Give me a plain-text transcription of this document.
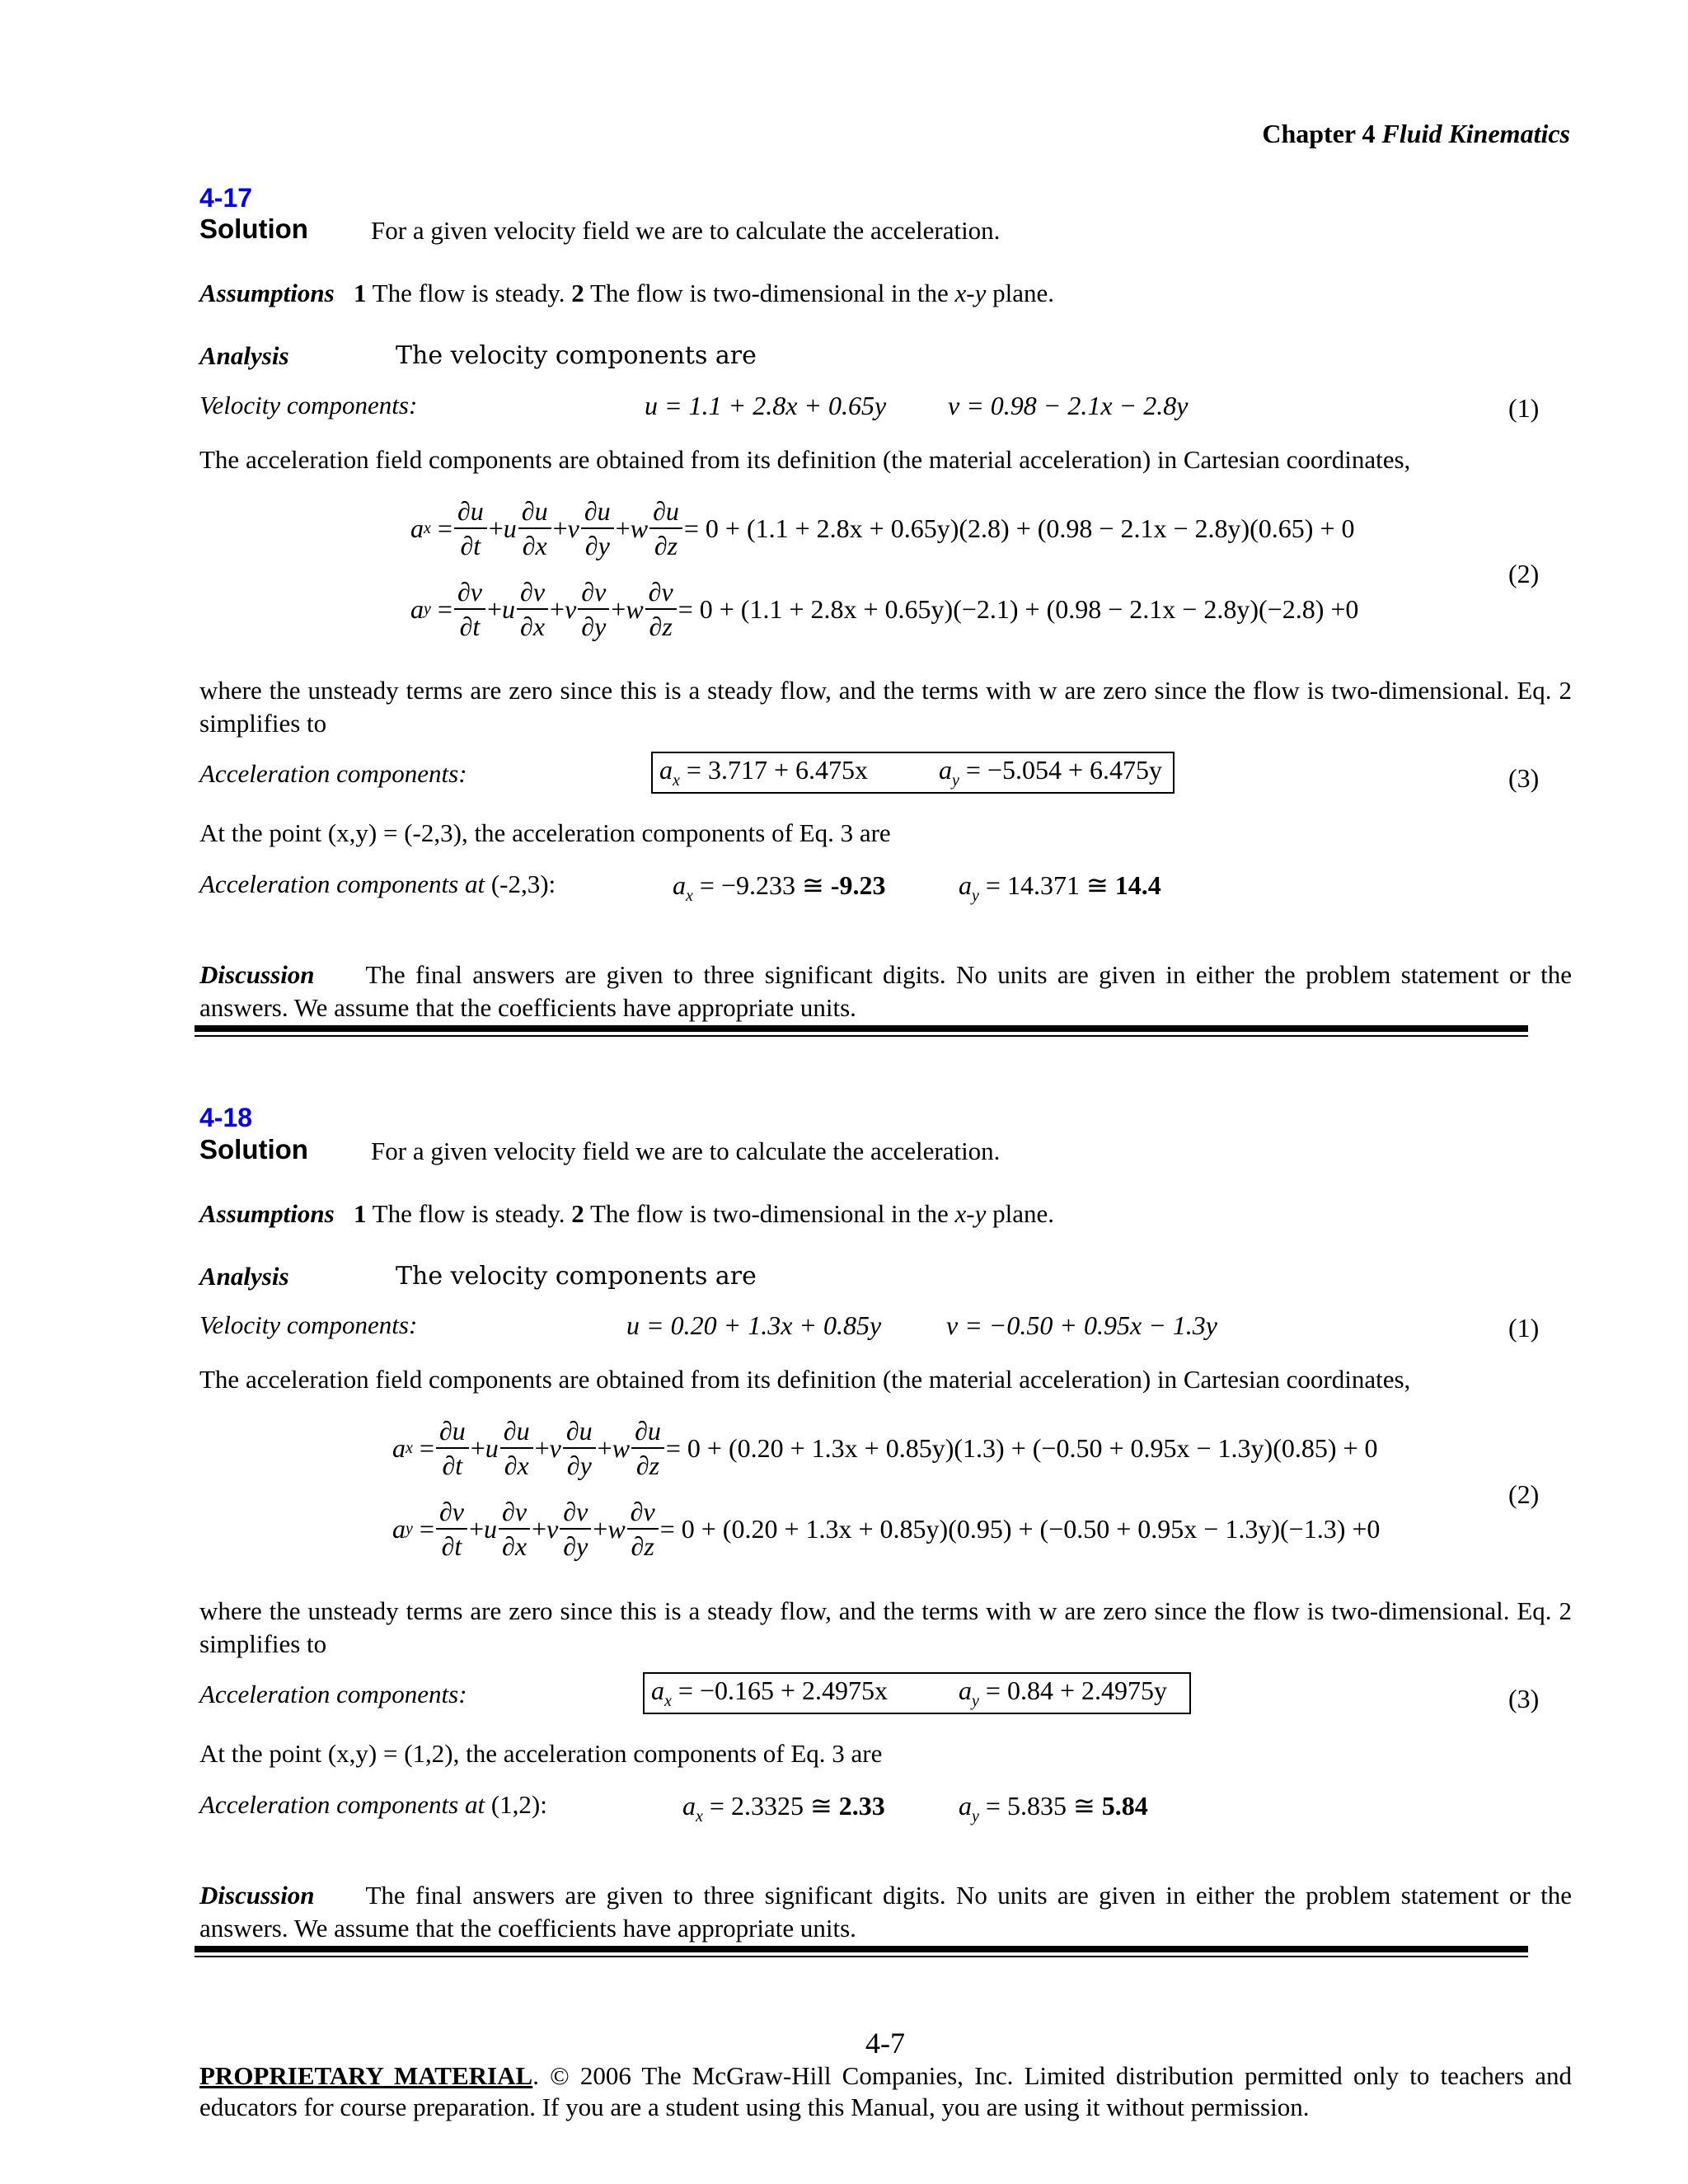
Chapter 4 Fluid Kinematics
4-17
Solution For a given velocity field we are to calculate the acceleration.
Assumptions 1 The flow is steady. 2 The flow is two-dimensional in the x-y plane.
Analysis	The velocity components are
Velocity components:	u = 1.1 + 2.8x + 0.65y v = 0.98 − 2.1x − 2.8y	(1)
The acceleration field components are obtained from its definition (the material acceleration) in Cartesian coordinates,
a $x = \frac{\partial u}{\partial t} + u \frac{\partial u}{\partial x} + v \frac{\partial u}{\partial y} + w \frac{\partial u}{\partial z} = 0 + (1.1 + 2.8x + 0.65y)(2.8) + (0.98 - 2.1x - 2.8y)(0.65) + 0$
a $y = \frac{\partial v}{\partial t} + u \frac{\partial v}{\partial x} + v \frac{\partial v}{\partial y} + w \frac{\partial v}{\partial z} = 0 + (1.1 + 2.8x + 0.65y)(-2.1) + (0.98 - 2.1x - 2.8y)(-2.8) +0$
(2)
where the unsteady terms are zero since this is a steady flow, and the terms with w are zero since the flow is two-dimensional. Eq. 2 simplifies to
Acceleration components:	$a_x = 3.717 + 6.475x$	$a_y = -5.054 + 6.475y$	(3)
At the point (x,y) = (-2,3), the acceleration components of Eq. 3 are
Acceleration components at (-2,3):	$a_x = -9.233$ ≅ -9.23	$a_y = 14.371$ ≅ 14.4
Discussion The final answers are given to three significant digits. No units are given in either the problem statement or the answers. We assume that the coefficients have appropriate units.
4-18
Solution For a given velocity field we are to calculate the acceleration.
Assumptions 1 The flow is steady. 2 The flow is two-dimensional in the x-y plane.
Analysis	The velocity components are
Velocity components:	u = 0.20 + 1.3x + 0.85y v = −0.50 + 0.95x − 1.3y	(1)
The acceleration field components are obtained from its definition (the material acceleration) in Cartesian coordinates,
a $x = \frac{\partial u}{\partial t} + u \frac{\partial u}{\partial x} + v \frac{\partial u}{\partial y} + w \frac{\partial u}{\partial z} = 0 + (0.20 + 1.3x + 0.85y)(1.3) + (-0.50 + 0.95x - 1.3y)(0.85) + 0$
a $y = \frac{\partial v}{\partial t} + u \frac{\partial v}{\partial x} + v \frac{\partial v}{\partial y} + w \frac{\partial v}{\partial z} = 0 + (0.20 + 1.3x + 0.85y)(0.95) + (-0.50 + 0.95x - 1.3y)(-1.3) +0$
(2)
where the unsteady terms are zero since this is a steady flow, and the terms with w are zero since the flow is two-dimensional. Eq. 2 simplifies to
Acceleration components:	$a_x = -0.165 + 2.4975x$	$a_y = 0.84 + 2.4975y$	(3)
At the point (x,y) = (1,2), the acceleration components of Eq. 3 are
Acceleration components at (1,2):	$a_x = 2.3325$ ≅ 2.33	$a_y = 5.835$ ≅ 5.84
Discussion The final answers are given to three significant digits. No units are given in either the problem statement or the answers. We assume that the coefficients have appropriate units.
4-7
PROPRIETARY MATERIAL. © 2006 The McGraw-Hill Companies, Inc. Limited distribution permitted only to teachers and educators for course preparation. If you are a student using this Manual, you are using it without permission.
